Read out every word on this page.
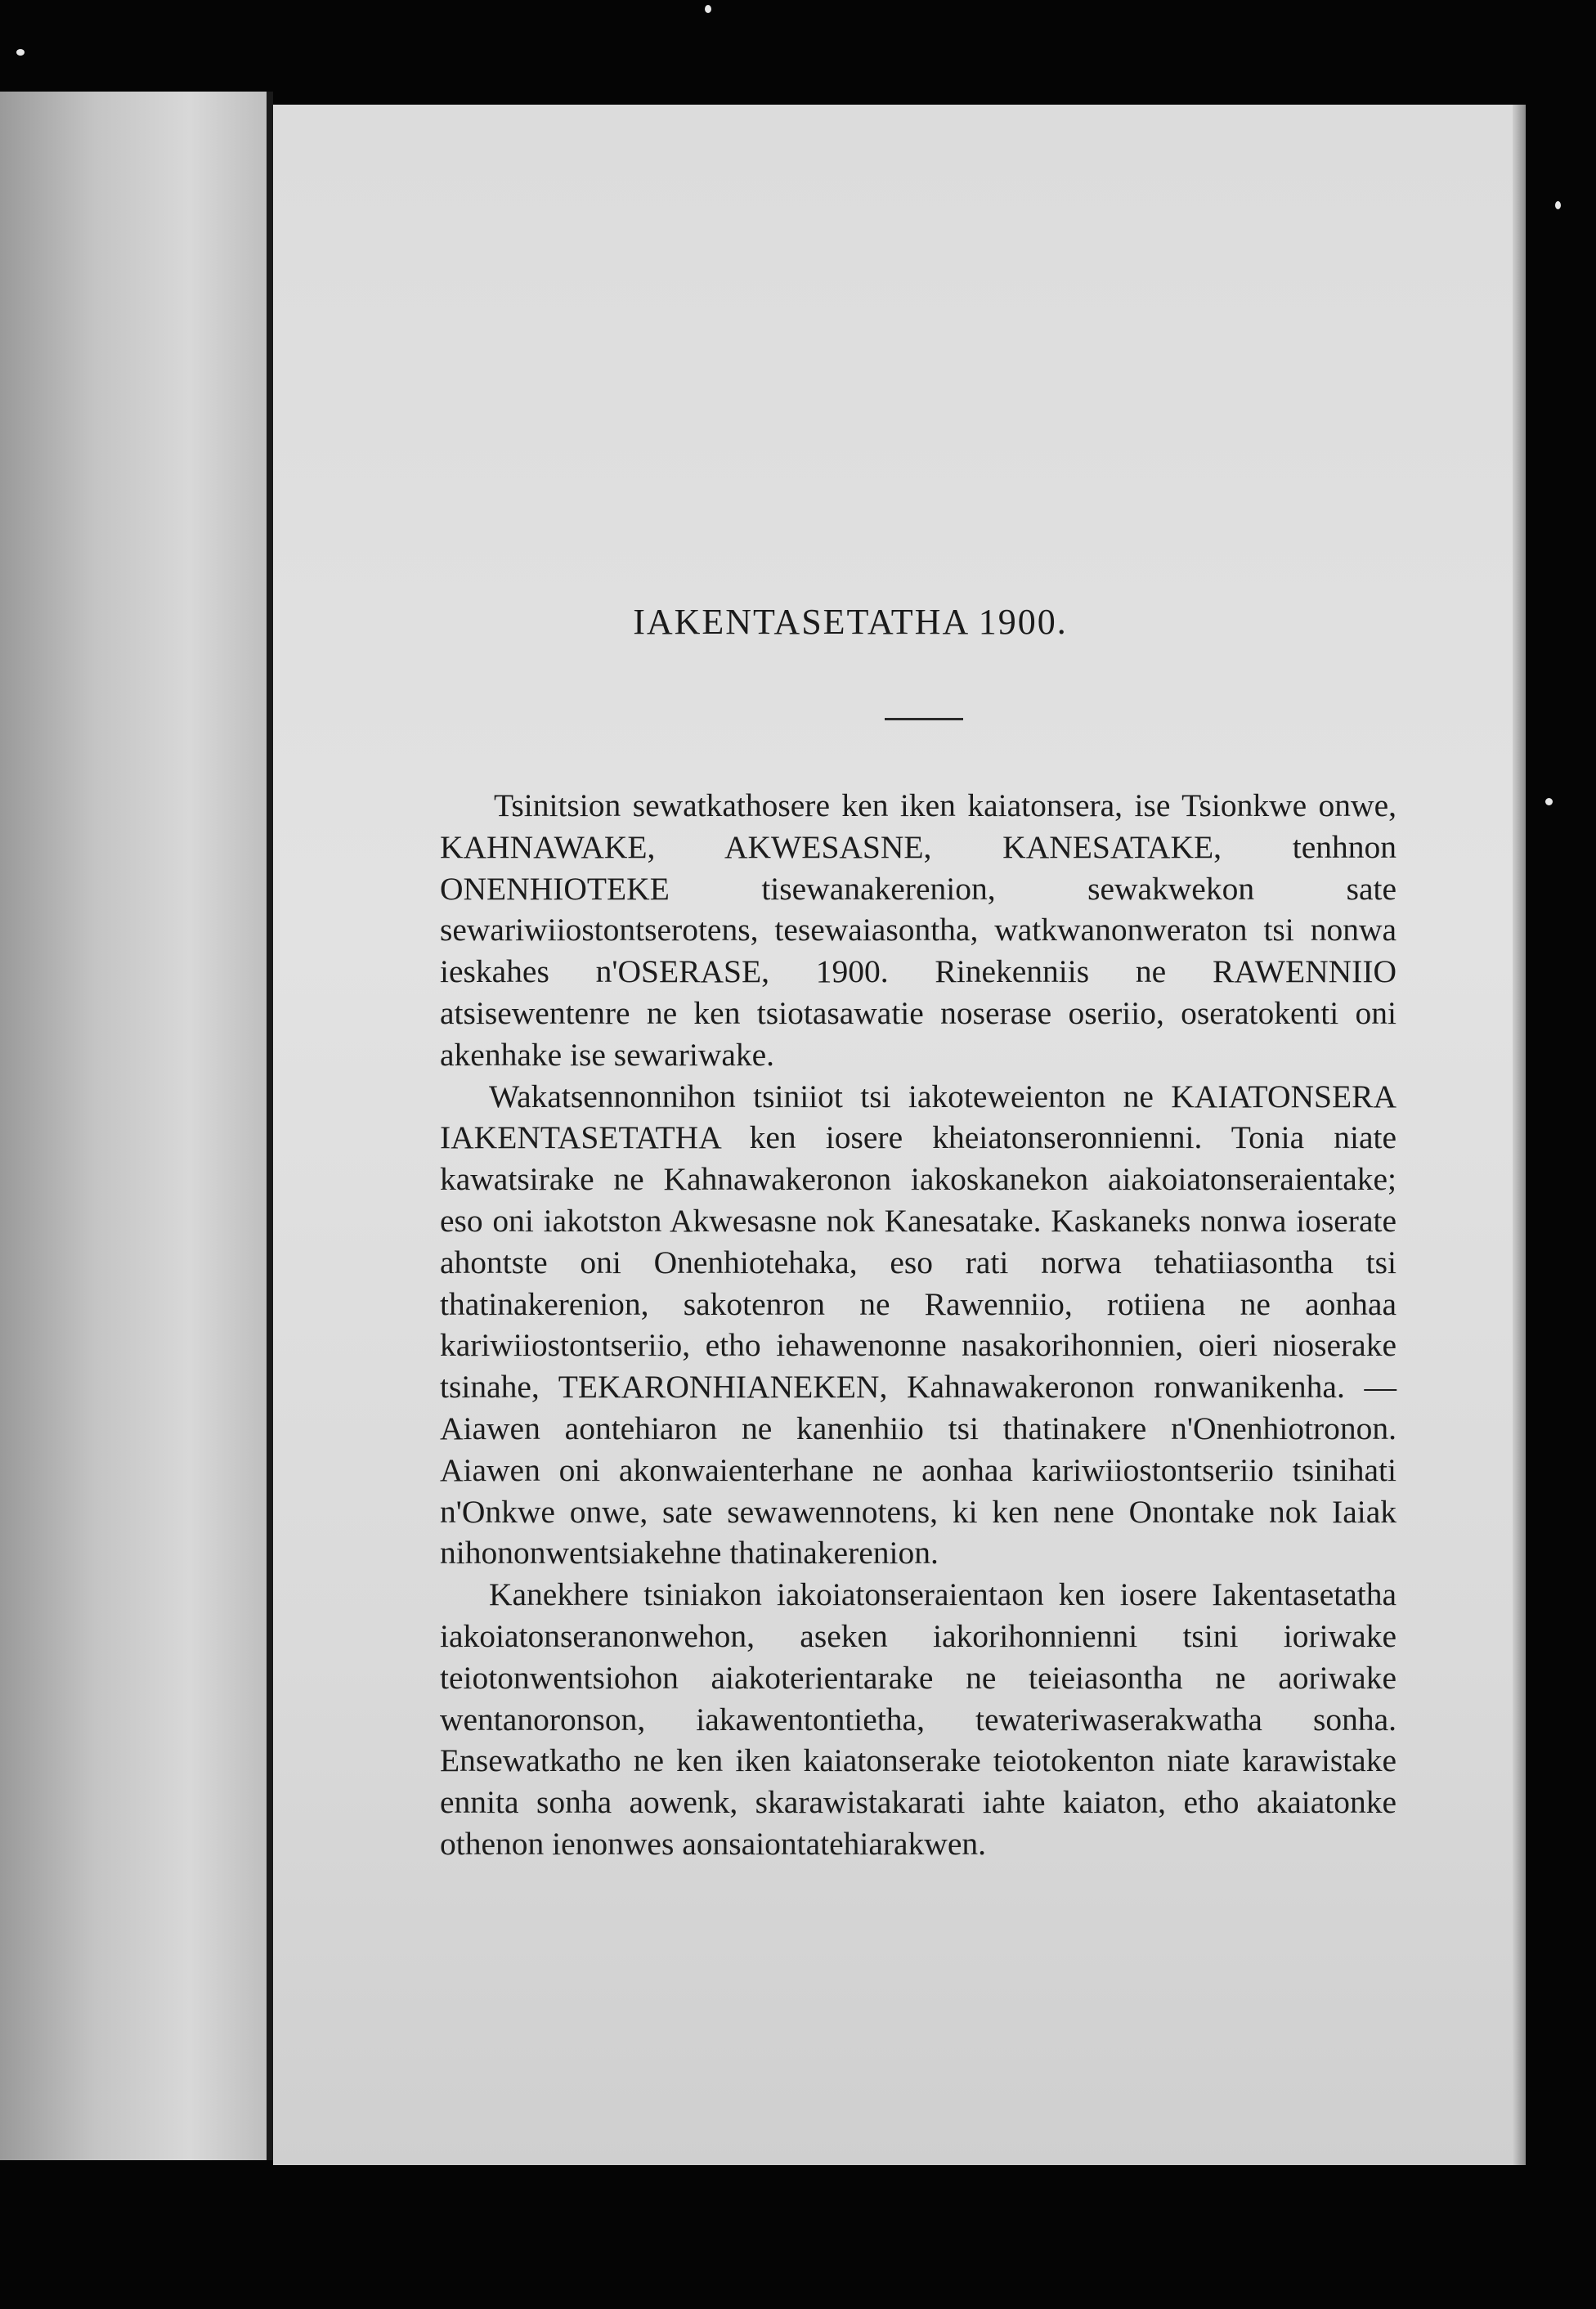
IAKENTASETATHA 1900.

Tsinitsion sewatkathosere ken iken kaiatonsera, ise Tsionkwe onwe, KAHNAWAKE, AKWESASNE, KANESATAKE, tenhnon ONENHIOTEKE tisewanakerenion, sewakwekon sate sewariwiiostontserotens, tesewaiasontha, watkwanonweraton tsi nonwa ieskahes n'OSERASE, 1900. Rinekenniis ne RAWENNIIO atsisewentenre ne ken tsiotasawatie noserase oseriio, oseratokenti oni akenhake ise sewariwake.

Wakatsennonnihon tsiniiot tsi iakoteweienton ne KAIATONSERA IAKENTASETATHA ken iosere kheiatonseronnienni. Tonia niate kawatsirake ne Kahnawakeronon iakoskanekon aiakoiatonseraientake; eso oni iakotston Akwesasne nok Kanesatake. Kaskaneks nonwa ioserate ahontste oni Onenhiotehaka, eso rati norwa tehatiiasontha tsi thatinakerenion, sakotenron ne Rawenniio, rotiiena ne aonhaa kariwiiostontseriio, etho iehawenonne nasakorihonnien, oieri nioserake tsinahe, TEKARONHIANEKEN, Kahnawakeronon ronwanikenha. —Aiawen aontehiaron ne kanenhiio tsi thatinakere n'Onenhiotronon. Aiawen oni akonwaienterhane ne aonhaa kariwiiostontseriio tsinihati n'Onkwe onwe, sate sewawennotens, ki ken nene Onontake nok Iaiak nihononwentsiakehne thatinakerenion.

Kanekhere tsiniakon iakoiatonseraientaon ken iosere Iakentasetatha iakoiatonseranonwehon, aseken iakorihonnienni tsini ioriwake teiotonwentsiohon aiakoterientarake ne teieiasontha ne aoriwake wentanoronson, iakawentontietha, tewateriwaserakwatha sonha. Ensewatkatho ne ken iken kaiatonserake teiotokenton niate karawistake ennita sonha aowenk, skarawistakarati iahte kaiaton, etho akaiatonke othenon ienonwes aonsaiontatehiarakwen.
